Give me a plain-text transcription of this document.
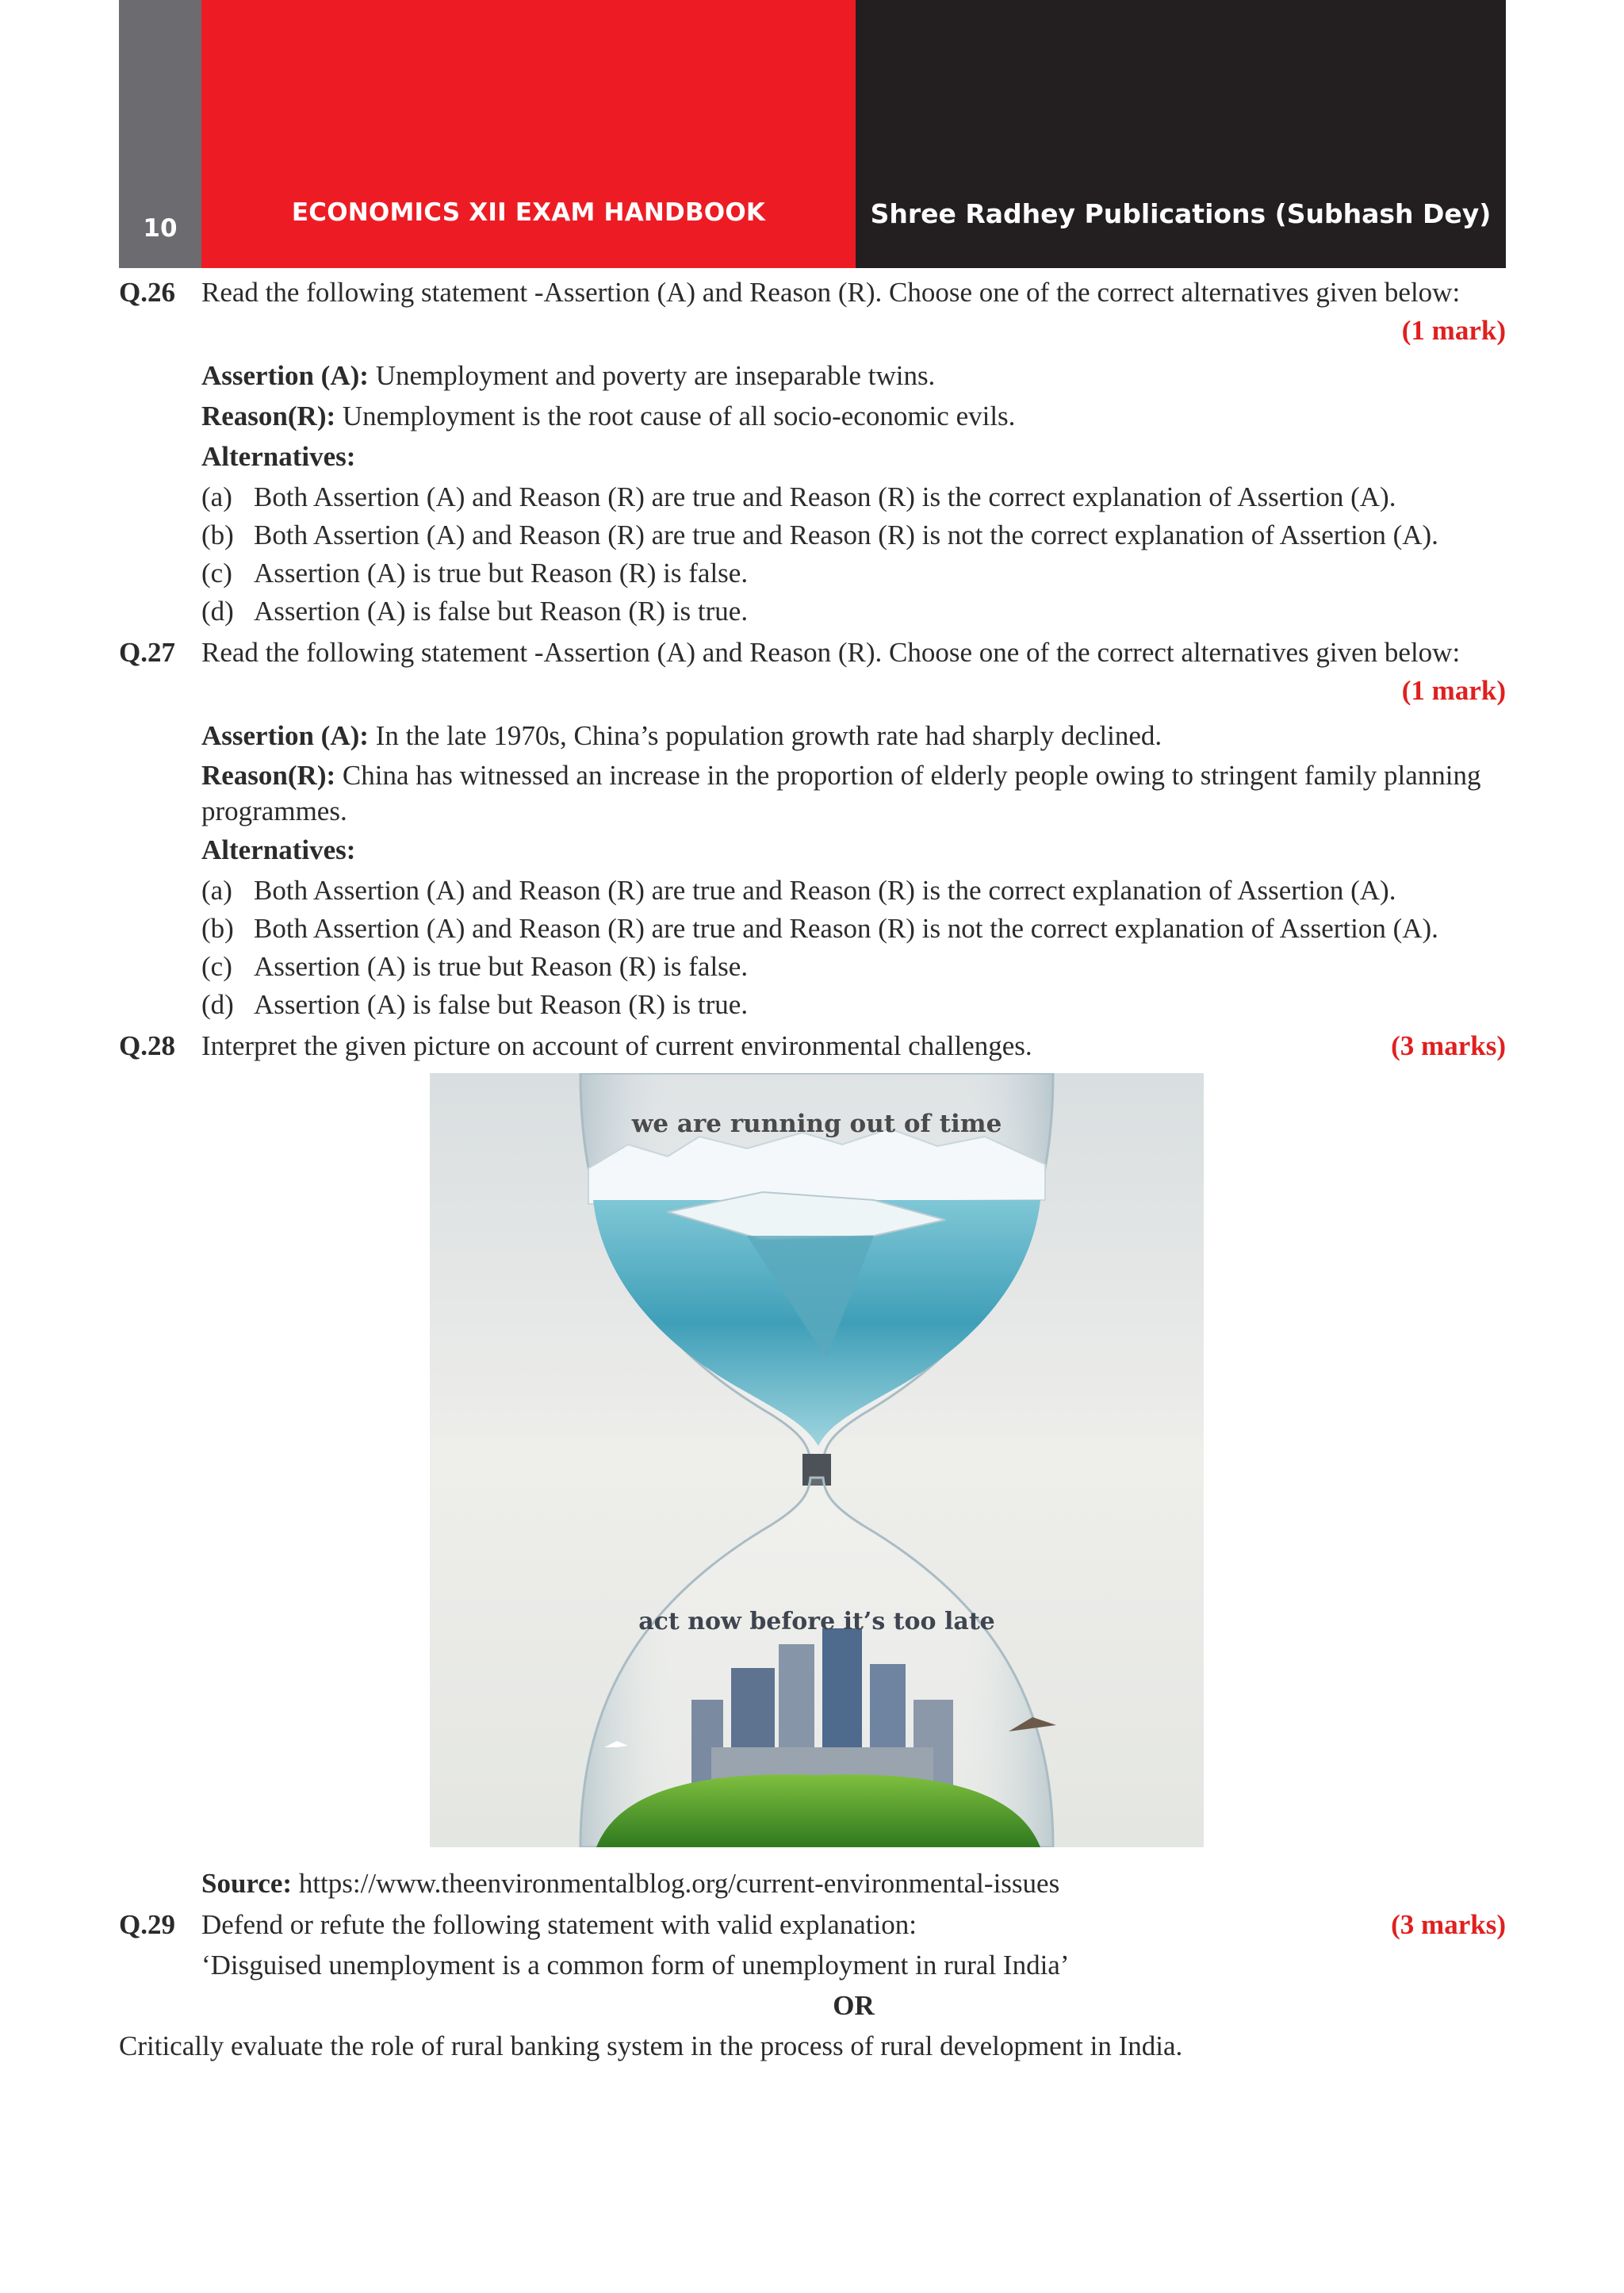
10
ECONOMICS XII EXAM HANDBOOK	Shree Radhey Publications (Subhash Dey)
Q.26 Read the following statement -Assertion (A) and Reason (R). Choose one of the correct alternatives given below:
(1 mark)
Assertion (A): Unemployment and poverty are inseparable twins.
Reason(R): Unemployment is the root cause of all socio-economic evils.
Alternatives:
(a) Both Assertion (A) and Reason (R) are true and Reason (R) is the correct explanation of Assertion (A).
(b) Both Assertion (A) and Reason (R) are true and Reason (R) is not the correct explanation of Assertion (A).
(c) Assertion (A) is true but Reason (R) is false.
(d) Assertion (A) is false but Reason (R) is true.
Q.27 Read the following statement -Assertion (A) and Reason (R). Choose one of the correct alternatives given below:
(1 mark)
Assertion (A): In the late 1970s, China’s population growth rate had sharply declined.
Reason(R): China has witnessed an increase in the proportion of elderly people owing to stringent family planning programmes.
Alternatives:
(a) Both Assertion (A) and Reason (R) are true and Reason (R) is the correct explanation of Assertion (A).
(b) Both Assertion (A) and Reason (R) are true and Reason (R) is not the correct explanation of Assertion (A).
(c) Assertion (A) is true but Reason (R) is false.
(d) Assertion (A) is false but Reason (R) is true.
Q.28 Interpret the given picture on account of current environmental challenges.	(3 marks)
we are running out of time
act now before it’s too late
Source: https://www.theenvironmentalblog.org/current-environmental-issues
Q.29 Defend or refute the following statement with valid explanation:	(3 marks)
‘Disguised unemployment is a common form of unemployment in rural India’
OR
Critically evaluate the role of rural banking system in the process of rural development in India.
